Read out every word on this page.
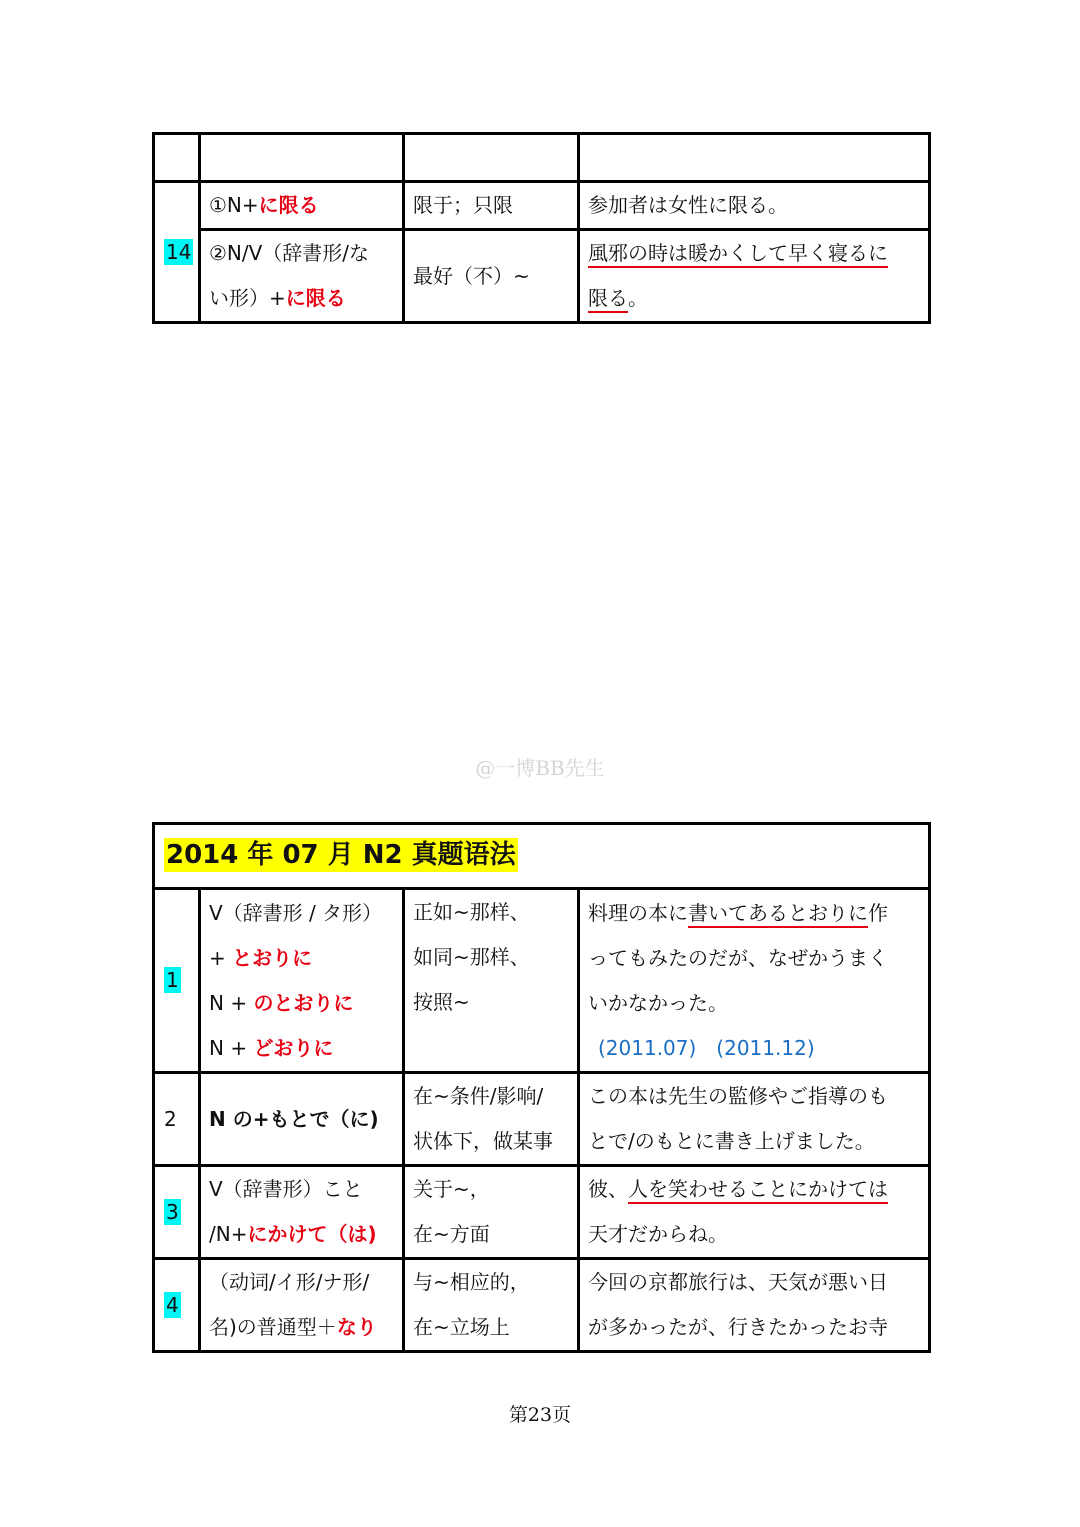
14	①N+に限る	限于；只限	参加者は女性に限る。

	②N/V（辞書形/な
い形）+に限る	最好（不）~	風邪の時は暖かくして早く寝るに
限る。
@一博BB先生
2014 年 07 月 N2 真题语法			
1	V（辞書形 / タ形）
+ とおりに
N + のとおりに
N + どおりに	正如~那样、
如同~那样、
按照~	料理の本に書いてあるとおりに作
ってもみたのだが、なぜかうまく
いかなかった。
(2011.07)　(2011.12)

2	N の+もとで（に)	在~条件/影响/
状体下，做某事	この本は先生の監修やご指導のも
とで/のもとに書き上げました。

3	V（辞書形）こと
/N+にかけて（は)	关于~，
在~方面	彼、人を笑わせることにかけては
天才だからね。

4	（动词/イ形/ナ形/
名)の普通型＋なり	与~相应的，
在~立场上	今回の京都旅行は、天気が悪い日
が多かったが、行きたかったお寺
第23页
